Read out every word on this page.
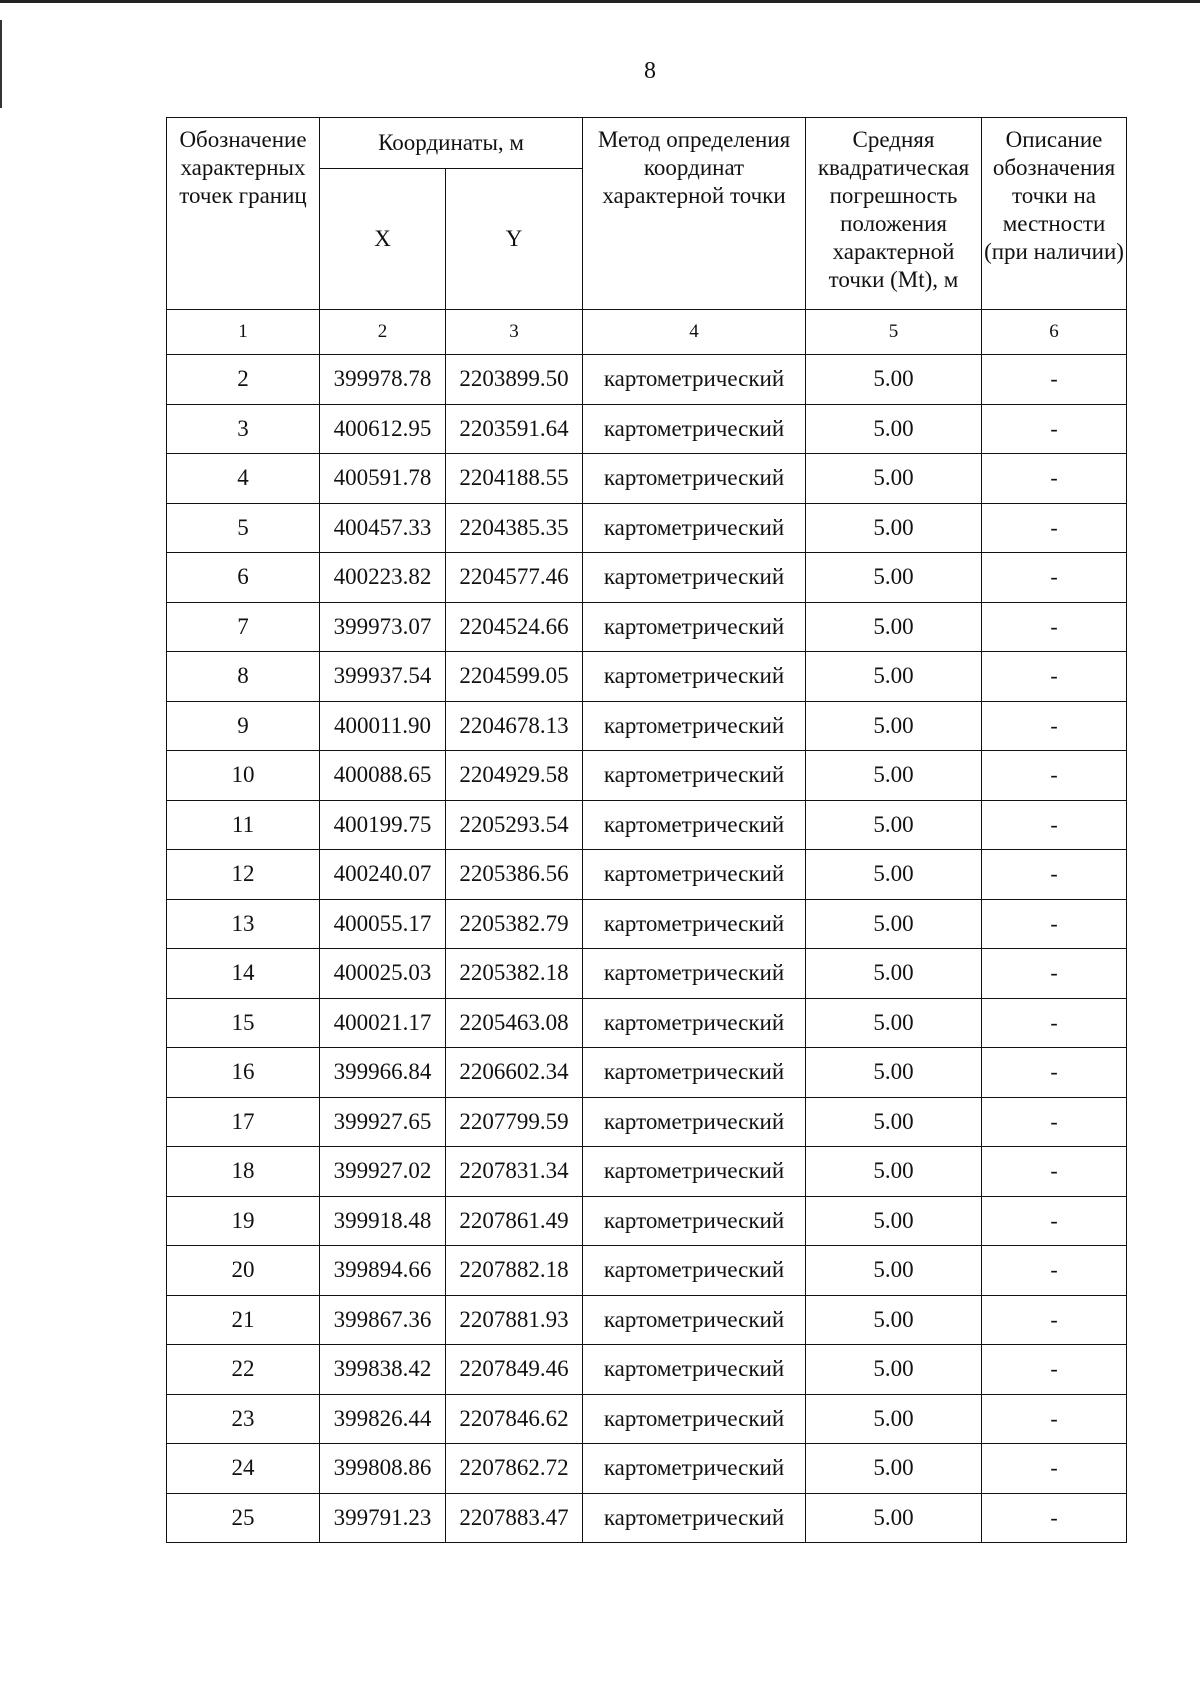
8
Обозначение характерных точек границ	Координаты, м		Метод определения координат характерной точки	Средняя квадратическая погрешность положения характерной точки (Mt), м	Описание обозначения точки на местности (при наличии)
	X	Y			
1	2	3	4	5	6
2	399978.78	2203899.50	картометрический	5.00	-
3	400612.95	2203591.64	картометрический	5.00	-
4	400591.78	2204188.55	картометрический	5.00	-
5	400457.33	2204385.35	картометрический	5.00	-
6	400223.82	2204577.46	картометрический	5.00	-
7	399973.07	2204524.66	картометрический	5.00	-
8	399937.54	2204599.05	картометрический	5.00	-
9	400011.90	2204678.13	картометрический	5.00	-
10	400088.65	2204929.58	картометрический	5.00	-
11	400199.75	2205293.54	картометрический	5.00	-
12	400240.07	2205386.56	картометрический	5.00	-
13	400055.17	2205382.79	картометрический	5.00	-
14	400025.03	2205382.18	картометрический	5.00	-
15	400021.17	2205463.08	картометрический	5.00	-
16	399966.84	2206602.34	картометрический	5.00	-
17	399927.65	2207799.59	картометрический	5.00	-
18	399927.02	2207831.34	картометрический	5.00	-
19	399918.48	2207861.49	картометрический	5.00	-
20	399894.66	2207882.18	картометрический	5.00	-
21	399867.36	2207881.93	картометрический	5.00	-
22	399838.42	2207849.46	картометрический	5.00	-
23	399826.44	2207846.62	картометрический	5.00	-
24	399808.86	2207862.72	картометрический	5.00	-
25	399791.23	2207883.47	картометрический	5.00	-
